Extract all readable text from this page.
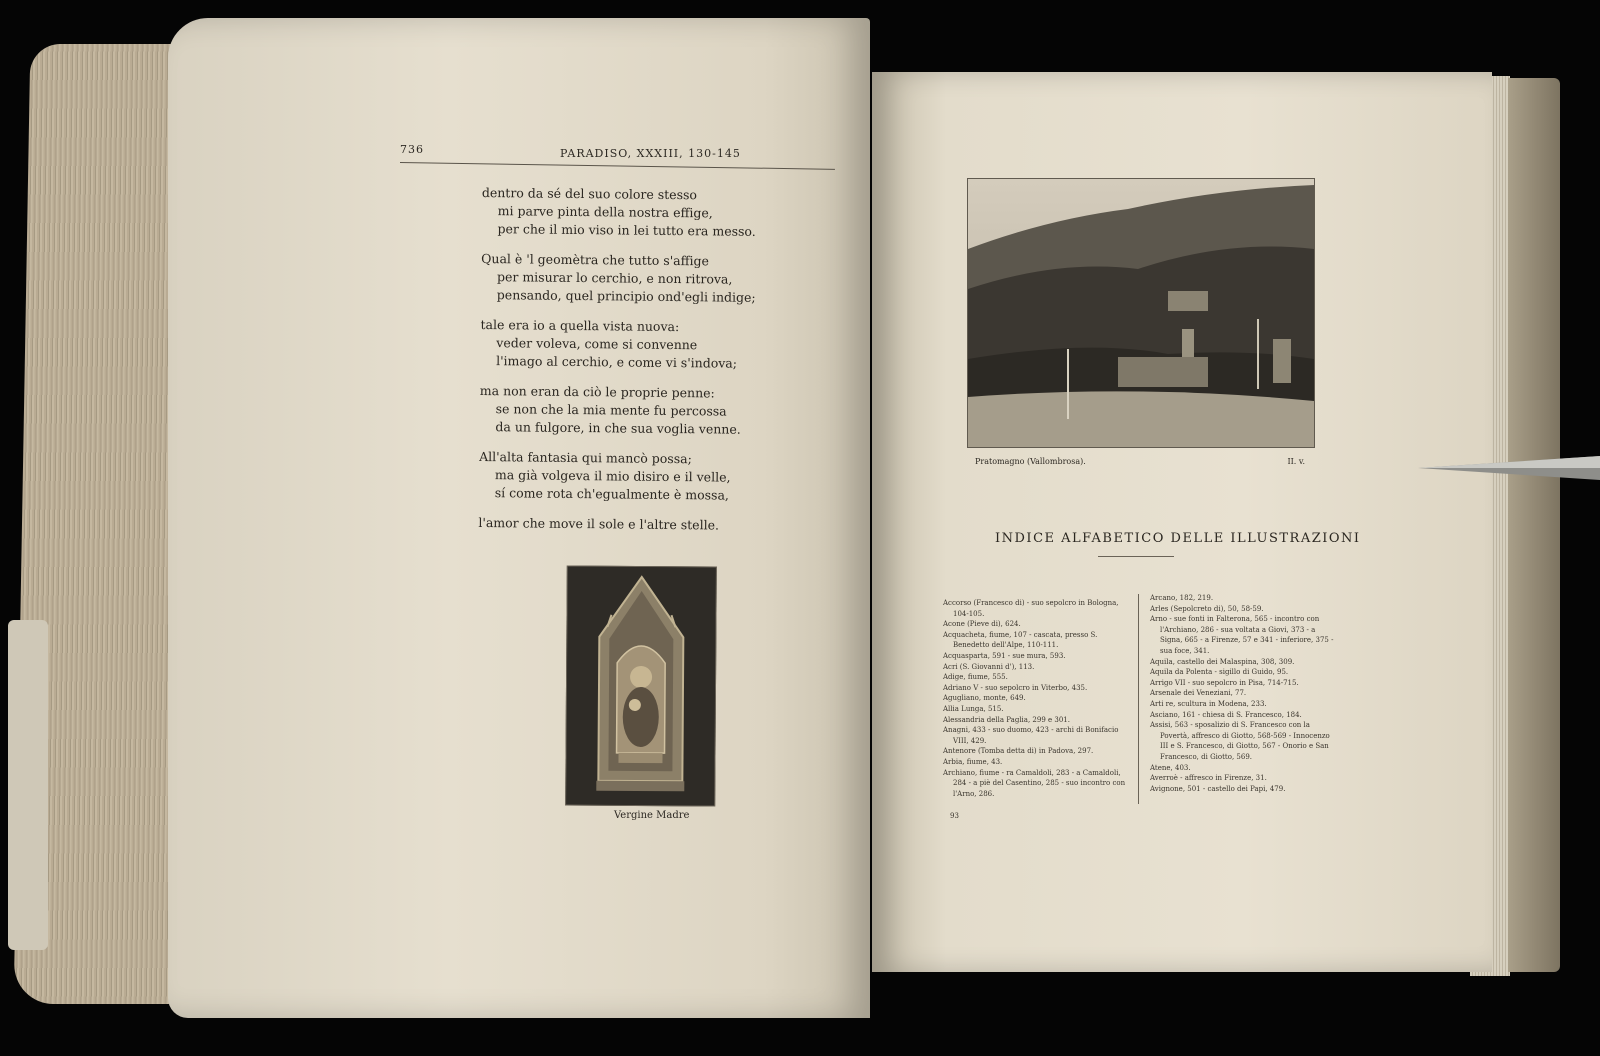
736	PARADISO, XXXIII, 130-145
dentro da sé del suo colore stesso
mi parve pinta della nostra effige,
per che il mio viso in lei tutto era messo.
Qual è 'l geomètra che tutto s'affige
per misurar lo cerchio, e non ritrova,
pensando, quel principio ond'egli indige;
tale era io a quella vista nuova:
veder voleva, come si convenne
l'imago al cerchio, e come vi s'indova;
ma non eran da ciò le proprie penne:
se non che la mia mente fu percossa
da un fulgore, in che sua voglia venne.
All'alta fantasia qui mancò possa;
ma già volgeva il mio disiro e il velle,
sí come rota ch'egualmente è mossa,
l'amor che move il sole e l'altre stelle.
Vergine Madre
Pratomagno (Vallombrosa).	II. v.
INDICE ALFABETICO DELLE ILLUSTRAZIONI
Accorso (Francesco di) - suo sepolcro in Bologna, 104-105.
Acone (Pieve di), 624.
Acquacheta, fiume, 107 - cascata, presso S. Benedetto dell'Alpe, 110-111.
Acquasparta, 591 - sue mura, 593.
Acri (S. Giovanni d'), 113.
Adige, fiume, 555.
Adriano V - suo sepolcro in Viterbo, 435.
Agugliano, monte, 649.
Allia Lunga, 515.
Alessandria della Paglia, 299 e 301.
Anagni, 433 - suo duomo, 423 - archi di Bonifacio VIII, 429.
Antenore (Tomba detta di) in Padova, 297.
Arbia, fiume, 43.
Archiano, fiume - ra Camaldoli, 283 - a Camaldoli, 284 - a piè del Casentino, 285 - suo incontro con l'Arno, 286.
Arcano, 182, 219.
Arles (Sepolcreto di), 50, 58-59.
Arno - sue fonti in Falterona, 565 - incontro con l'Archiano, 286 - sua voltata a Giovi, 373 - a Signa, 665 - a Firenze, 57 e 341 - inferiore, 375 - sua foce, 341.
Aquila, castello dei Malaspina, 308, 309.
Aquila da Polenta - sigillo di Guido, 95.
Arrigo VII - suo sepolcro in Pisa, 714-715.
Arsenale dei Veneziani, 77.
Arti re, scultura in Modena, 233.
Asciano, 161 - chiesa di S. Francesco, 184.
Assisi, 563 - sposalizio di S. Francesco con la Povertà, affresco di Giotto, 568-569 - Innocenzo III e S. Francesco, di Giotto, 567 - Onorio e San Francesco, di Giotto, 569.
Atene, 403.
Averroè - affresco in Firenze, 31.
Avignone, 501 - castello dei Papi, 479.
93
